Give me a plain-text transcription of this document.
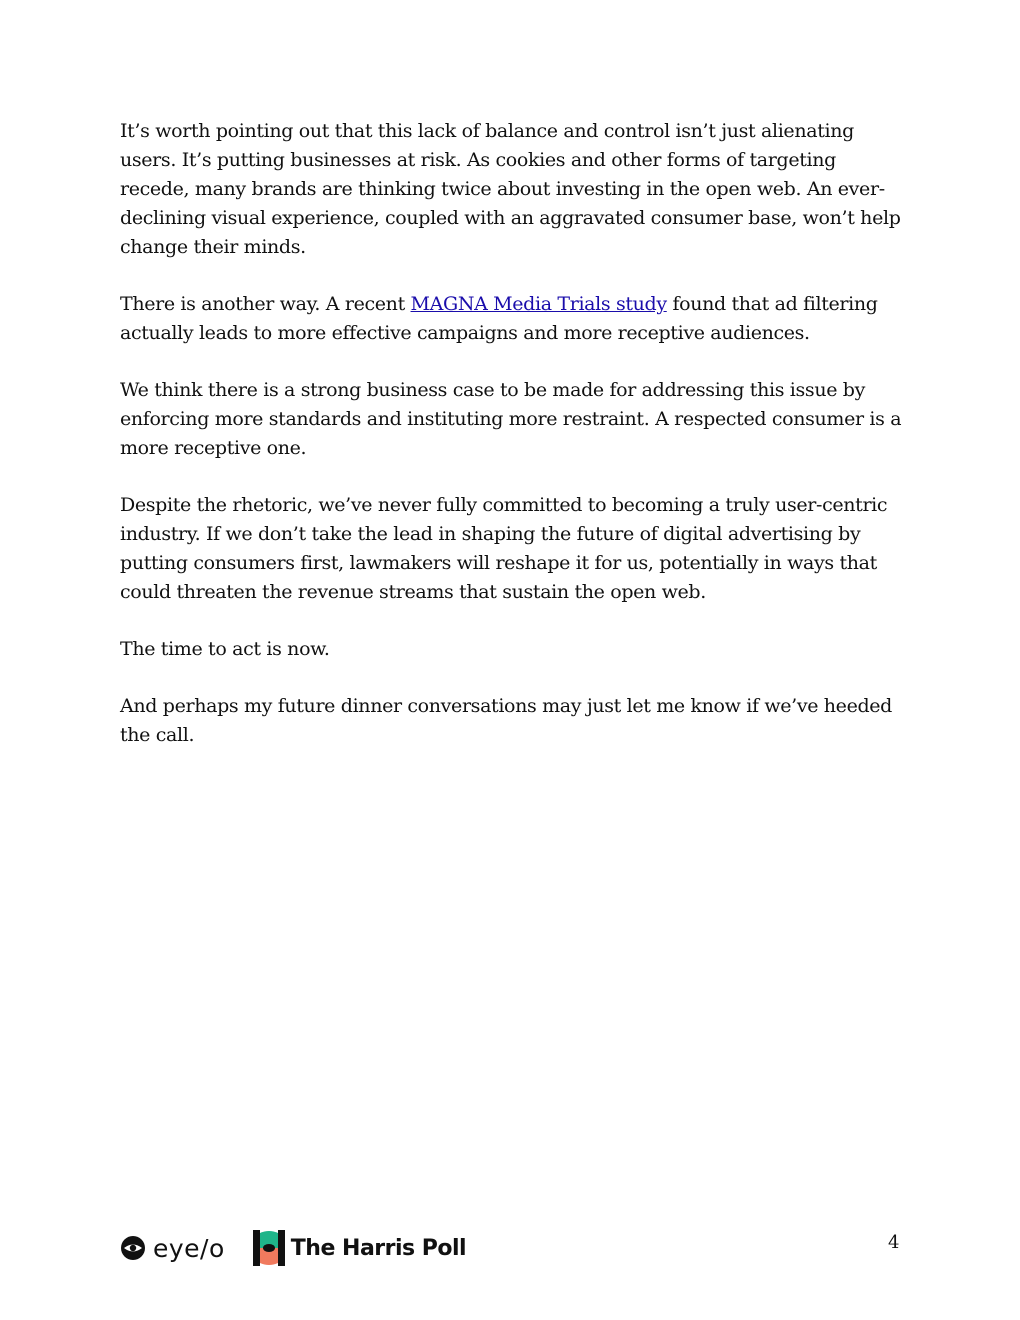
It’s worth pointing out that this lack of balance and control isn’t just alienating users. It’s putting businesses at risk. As cookies and other forms of targeting recede, many brands are thinking twice about investing in the open web. An ever-declining visual experience, coupled with an aggravated consumer base, won’t help change their minds.

There is another way. A recent MAGNA Media Trials study found that ad filtering actually leads to more effective campaigns and more receptive audiences.

We think there is a strong business case to be made for addressing this issue by enforcing more standards and instituting more restraint. A respected consumer is a more receptive one.

Despite the rhetoric, we’ve never fully committed to becoming a truly user-centric industry. If we don’t take the lead in shaping the future of digital advertising by putting consumers first, lawmakers will reshape it for us, potentially in ways that could threaten the revenue streams that sustain the open web.

The time to act is now.

And perhaps my future dinner conversations may just let me know if we’ve heeded the call.

eye/o	The Harris Poll	4
